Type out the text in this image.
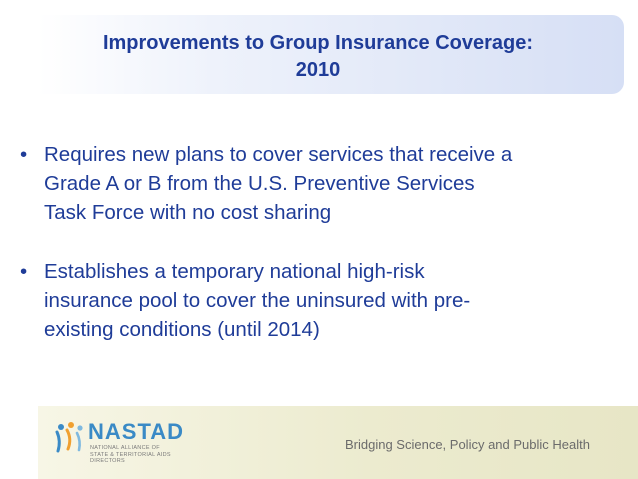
Improvements to Group Insurance Coverage:
2010
• Requires new plans to cover services that receive a
Grade A or B from the U.S. Preventive Services
Task Force with no cost sharing
• Establishes a temporary national high-risk
insurance pool to cover the uninsured with pre-
existing conditions (until 2014)
NASTAD
NATIONAL ALLIANCE OF STATE & TERRITORIAL AIDS DIRECTORS
Bridging Science, Policy and Public Health
